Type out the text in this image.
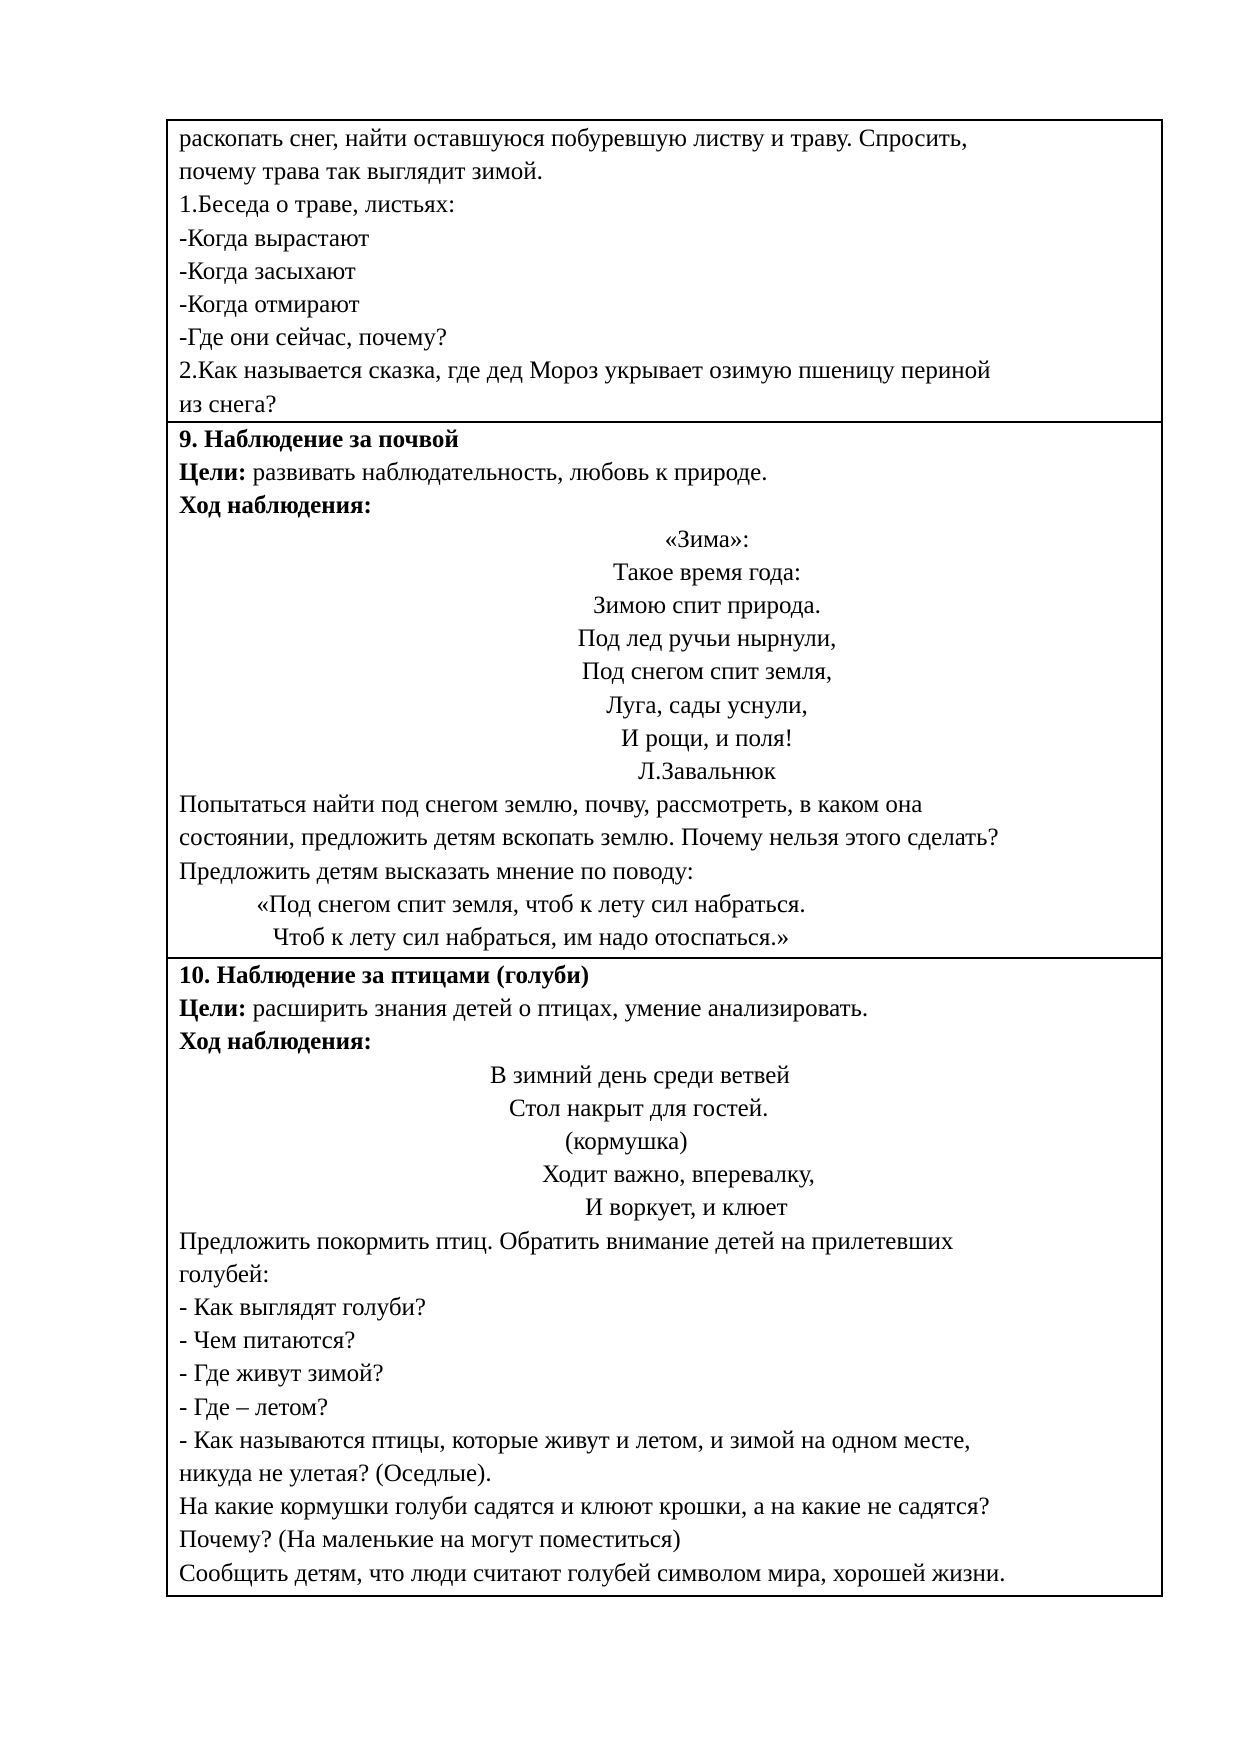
раскопать снег, найти оставшуюся побуревшую листву и траву. Спросить,
почему трава так выглядит зимой.
1.Беседа о траве, листьях:
-Когда вырастают
-Когда засыхают
-Когда отмирают
-Где они сейчас, почему?
2.Как называется сказка, где дед Мороз укрывает озимую пшеницу периной
из снега?
9. Наблюдение за почвой
Цели: развивать наблюдательность, любовь к природе.
Ход наблюдения:
«Зима»:
Такое время года:
Зимою спит природа.
Под лед ручьи нырнули,
Под снегом спит земля,
Луга, сады уснули,
И рощи, и поля!
Л.Завальнюк
Попытаться найти под снегом землю, почву, рассмотреть, в каком она
состоянии, предложить детям вскопать землю. Почему нельзя этого сделать?
Предложить детям высказать мнение по поводу:
«Под снегом спит земля, чтоб к лету сил набраться.
Чтоб к лету сил набраться, им надо отоспаться.»
10. Наблюдение за птицами (голуби)
Цели: расширить знания детей о птицах, умение анализировать.
Ход наблюдения:
В зимний день среди ветвей
Стол накрыт для гостей.
(кормушка)
Ходит важно, вперевалку,
И воркует, и клюет
Предложить покормить птиц. Обратить внимание детей на прилетевших
голубей:
- Как выглядят голуби?
- Чем питаются?
- Где живут зимой?
- Где – летом?
- Как называются птицы, которые живут и летом, и зимой на одном месте,
никуда не улетая? (Оседлые).
На какие кормушки голуби садятся и клюют крошки, а на какие не садятся?
Почему? (На маленькие на могут поместиться)
Сообщить детям, что люди считают голубей символом мира, хорошей жизни.
